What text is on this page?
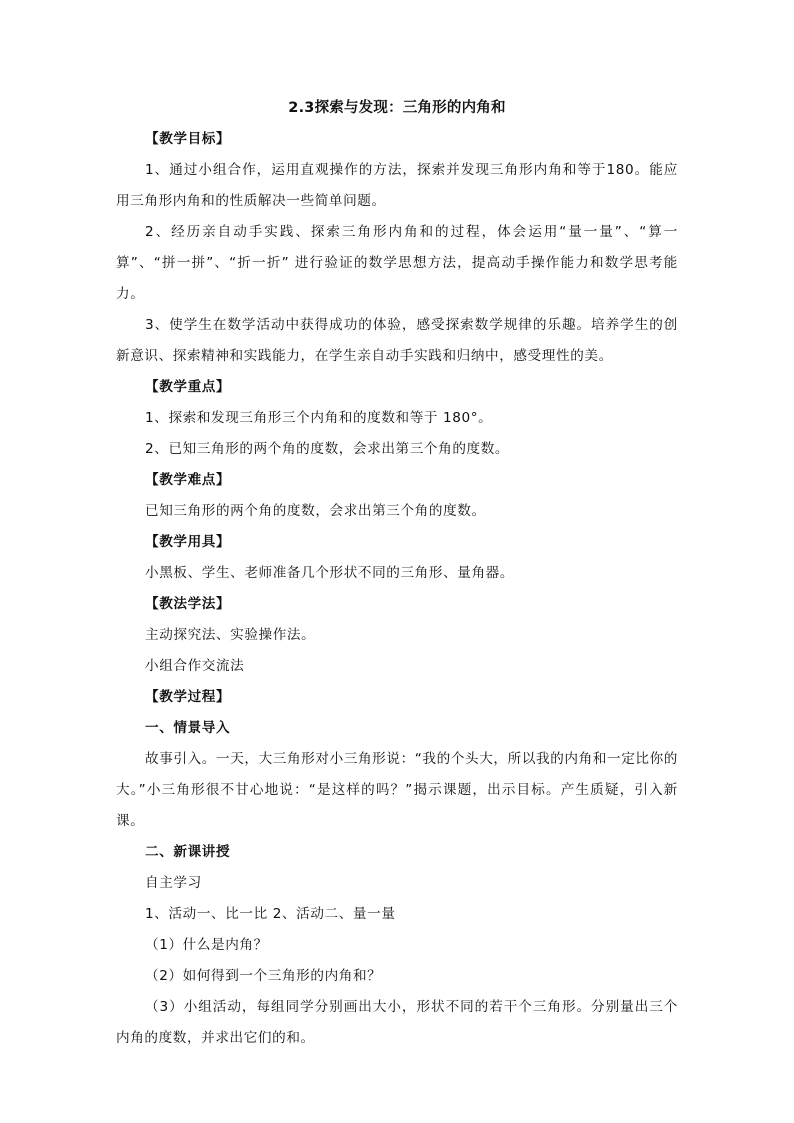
2.3探索与发现：三角形的内角和
【教学目标】
1、通过小组合作，运用直观操作的方法，探索并发现三角形内角和等于180。能应用三角形内角和的性质解决一些简单问题。
2、经历亲自动手实践、探索三角形内角和的过程，体会运用“量一量”、“算一算”、“拼一拼”、“折一折” 进行验证的数学思想方法，提高动手操作能力和数学思考能力。
3、使学生在数学活动中获得成功的体验，感受探索数学规律的乐趣。培养学生的创新意识、探索精神和实践能力，在学生亲自动手实践和归纳中，感受理性的美。
【教学重点】
1、探索和发现三角形三个内角和的度数和等于 180°。
2、已知三角形的两个角的度数，会求出第三个角的度数。
【教学难点】
已知三角形的两个角的度数，会求出第三个角的度数。
【教学用具】
小黑板、学生、老师准备几个形状不同的三角形、量角器。
【教法学法】
主动探究法、实验操作法。
小组合作交流法
【教学过程】
一、情景导入
故事引入。一天，大三角形对小三角形说：“我的个头大，所以我的内角和一定比你的大。”小三角形很不甘心地说：“是这样的吗？”揭示课题，出示目标。产生质疑，引入新课。
二、新课讲授
自主学习
1、活动一、比一比 2、活动二、量一量
（1）什么是内角？
（2）如何得到一个三角形的内角和？
（3）小组活动，每组同学分别画出大小，形状不同的若干个三角形。分别量出三个内角的度数，并求出它们的和。
